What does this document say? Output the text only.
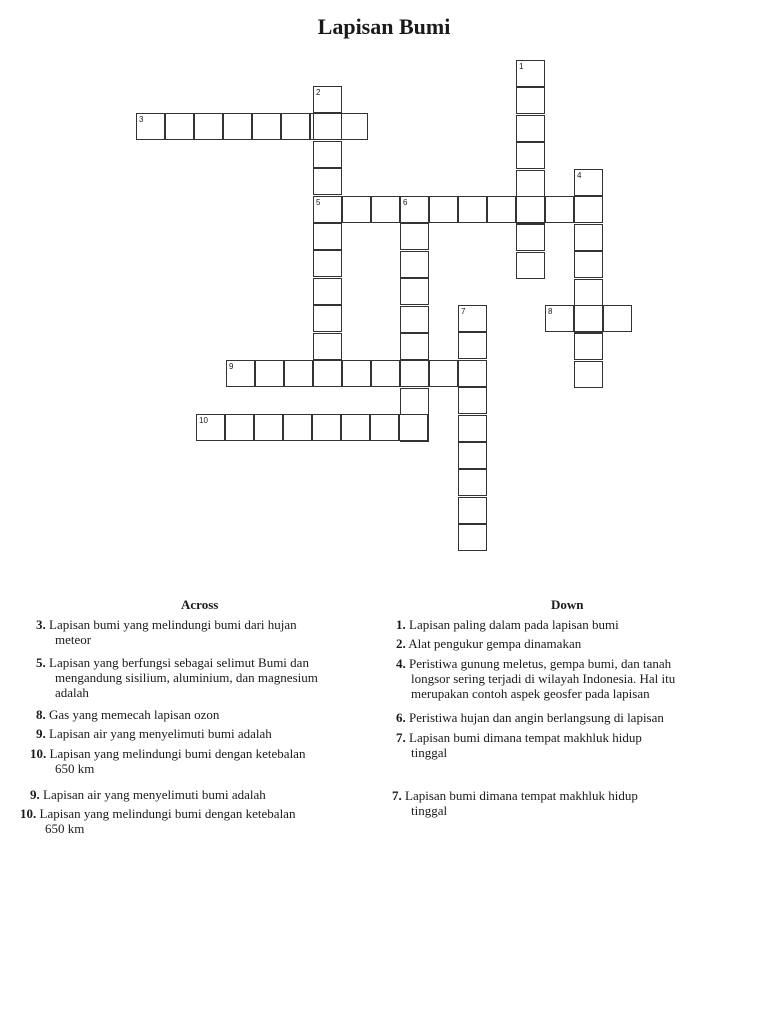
Lapisan Bumi
1
2
3
4
5	6
7	8
9
10
Across	Down
3. Lapisan bumi yang melindungi bumi dari hujan
meteor
5. Lapisan yang berfungsi sebagai selimut Bumi dan
mengandung sisilium, aluminium, dan magnesium
adalah
8. Gas yang memecah lapisan ozon
9. Lapisan air yang menyelimuti bumi adalah
10. Lapisan yang melindungi bumi dengan ketebalan
650 km
9. Lapisan air yang menyelimuti bumi adalah
10. Lapisan yang melindungi bumi dengan ketebalan
650 km
1. Lapisan paling dalam pada lapisan bumi
2. Alat pengukur gempa dinamakan
4. Peristiwa gunung meletus, gempa bumi, dan tanah
longsor sering terjadi di wilayah Indonesia. Hal itu
merupakan contoh aspek geosfer pada lapisan
6. Peristiwa hujan dan angin berlangsung di lapisan
7. Lapisan bumi dimana tempat makhluk hidup
tinggal
7. Lapisan bumi dimana tempat makhluk hidup
tinggal
